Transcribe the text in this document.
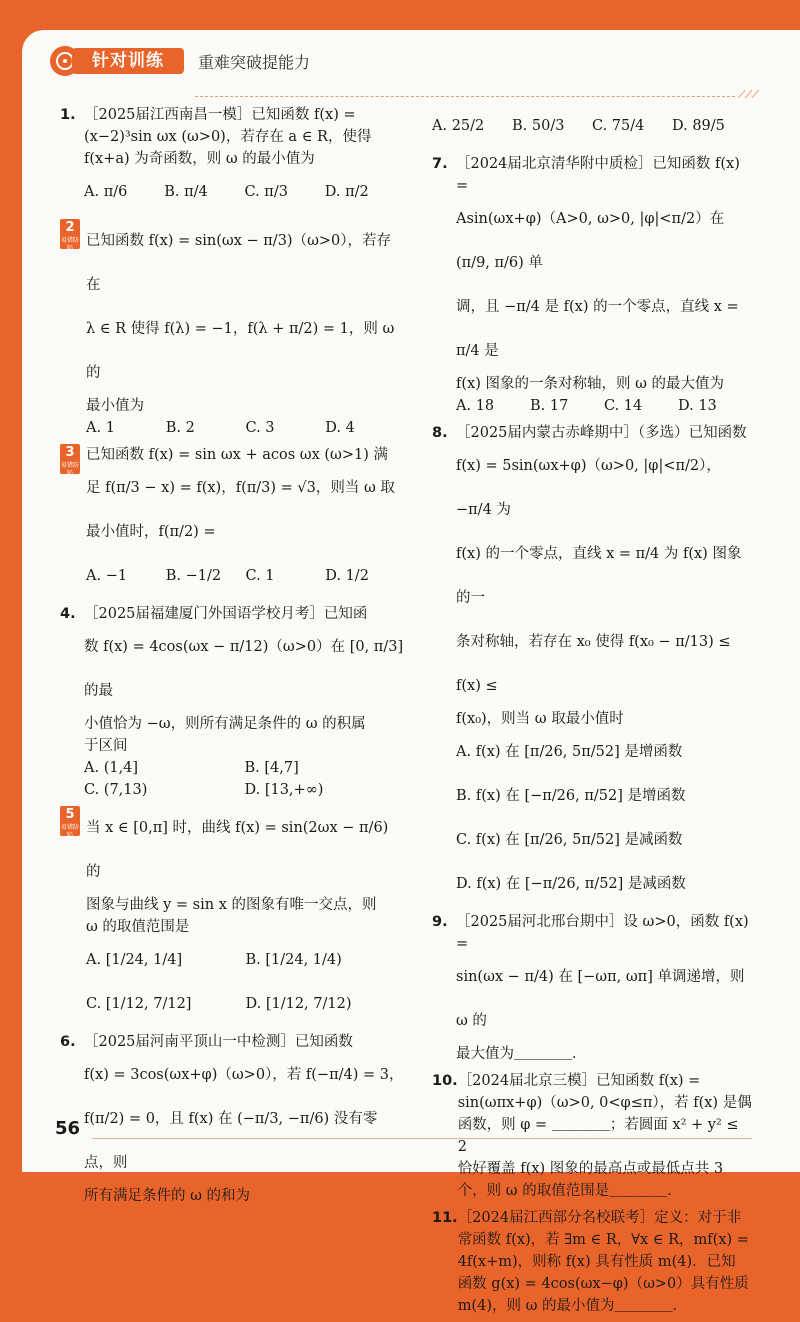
针对训练	重难突破提能力
⟋⟋⟋
1. ［2025届江西南昌一模］已知函数 f(x) =
(x−2)³sin ωx (ω>0)，若存在 a ∈ R，使得
f(x+a) 为奇函数，则 ω 的最小值为
A. π/6	B. π/4	C. π/3	D. π/2
2
易错防陷 已知函数 f(x) = sin(ωx − π/3)（ω>0），若存在
λ ∈ R 使得 f(λ) = −1，f(λ + π/2) = 1，则 ω 的
最小值为
A. 1	B. 2	C. 3	D. 4
3
易错防陷
已知函数 f(x) = sin ωx + acos ωx (ω>1) 满
足 f(π/3 − x) = f(x)，f(π/3) = √3，则当 ω 取
最小值时，f(π/2) =
A. −1	B. −1/2	C. 1	D. 1/2
4. ［2025届福建厦门外国语学校月考］已知函
数 f(x) = 4cos(ωx − π/12)（ω>0）在 [0, π/3] 的最
小值恰为 −ω，则所有满足条件的 ω 的积属
于区间
A. (1,4]	B. [4,7]
C. (7,13)	D. [13,+∞)
5
易错防陷 当 x ∈ [0,π] 时，曲线 f(x) = sin(2ωx − π/6) 的
图象与曲线 y = sin x 的图象有唯一交点，则
ω 的取值范围是
A. [1/24, 1/4]	B. [1/24, 1/4)
C. [1/12, 7/12]	D. [1/12, 7/12)
6. ［2025届河南平顶山一中检测］已知函数
f(x) = 3cos(ωx+φ)（ω>0），若 f(−π/4) = 3，
f(π/2) = 0，且 f(x) 在 (−π/3, −π/6) 没有零点，则
所有满足条件的 ω 的和为
A. 25/2	B. 50/3	C. 75/4	D. 89/5
7. ［2024届北京清华附中质检］已知函数 f(x) =
Asin(ωx+φ)（A>0, ω>0, |φ|<π/2）在 (π/9, π/6) 单
调，且 −π/4 是 f(x) 的一个零点，直线 x = π/4 是
f(x) 图象的一条对称轴，则 ω 的最大值为
A. 18	B. 17	C. 14	D. 13
8. ［2025届内蒙古赤峰期中］（多选）已知函数
f(x) = 5sin(ωx+φ)（ω>0, |φ|<π/2），−π/4 为
f(x) 的一个零点，直线 x = π/4 为 f(x) 图象的一
条对称轴，若存在 x₀ 使得 f(x₀ − π/13) ≤ f(x) ≤
f(x₀)，则当 ω 取最小值时
A. f(x) 在 [π/26, 5π/52] 是增函数
B. f(x) 在 [−π/26, π/52] 是增函数
C. f(x) 在 [π/26, 5π/52] 是减函数
D. f(x) 在 [−π/26, π/52] 是减函数
9. ［2025届河北邢台期中］设 ω>0，函数 f(x) =
sin(ωx − π/4) 在 [−ωπ, ωπ] 单调递增，则 ω 的
最大值为＿＿＿＿．
10. ［2024届北京三模］已知函数 f(x) =
sin(ωπx+φ)（ω>0, 0<φ≤π），若 f(x) 是偶
函数，则 φ = ＿＿＿＿；若圆面 x² + y² ≤ 2
恰好覆盖 f(x) 图象的最高点或最低点共 3
个，则 ω 的取值范围是＿＿＿＿．
11. ［2024届江西部分名校联考］定义：对于非
常函数 f(x)，若 ∃m ∈ R，∀x ∈ R，mf(x) =
4f(x+m)，则称 f(x) 具有性质 m(4)．已知
函数 g(x) = 4cos(ωx−φ)（ω>0）具有性质
m(4)，则 ω 的最小值为＿＿＿＿．
56
